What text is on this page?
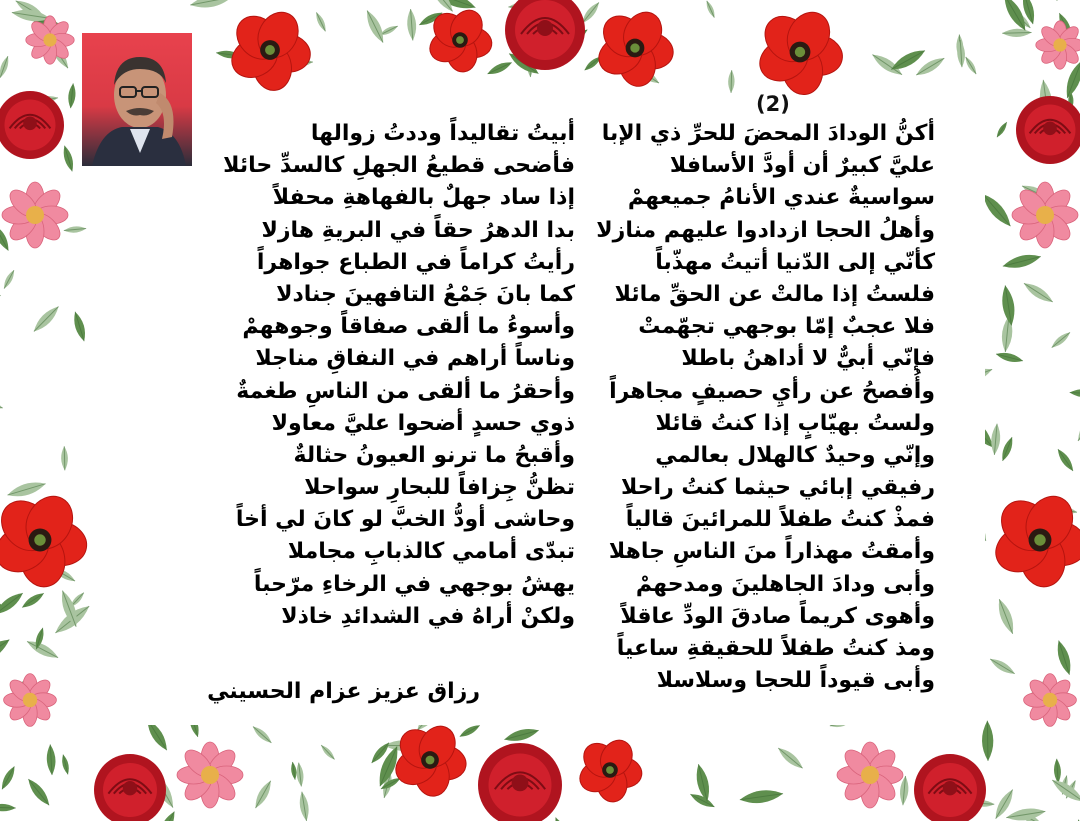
(2)
أكنُّ الودادَ المحضَ للحرِّ ذي الإبا
عليَّ كبيرٌ أن أودَّ الأسافلا
سواسيةٌ عندي الأنامُ جميعهمْ
وأهلُ الحجا ازدادوا عليهم منازلا
كأنّي إلى الدّنيا أتيتُ مهذّباً
فلستُ إذا مالتْ عن الحقِّ مائلا
فلا عجبٌ إمّا بوجهي تجهّمتْ
فإنّي أبيٌّ لا أداهنُ باطلا
وأُفصحُ عن رأيِ حصيفٍ مجاهراً
ولستُ بهيّابٍ إذا كنتُ قائلا
وإنّي وحيدٌ كالهلال بعالمي
رفيقي إبائي حيثما كنتُ راحلا
فمذْ كنتُ طفلاً للمرائينَ قالياً
وأمقتُ مهذاراً منَ الناسِ جاهلا
وأبى ودادَ الجاهلينَ ومدحهمْ
وأهوى كريماً صادقَ الودِّ عاقلاً
ومذ كنتُ طفلاً للحقيقةِ ساعياً
وأبى قيوداً للحجا وسلاسلا
أبيتُ تقاليداً وددتُ زوالها
فأضحى قطيعُ الجهلِ كالسدِّ حائلا
إذا ساد جهلٌ بالفهاهةِ محفلاً
بدا الدهرُ حقاً في البريةِ هازلا
رأيتُ كراماً في الطباع جواهراً
كما بانَ جَمْعُ التافهينَ جنادلا
وأسوءُ ما ألقى صفاقاً وجوههمْ
وناساً أراهم في النفاقِ مناجلا
وأحقرُ ما ألقى من الناسِ طغمةٌ
ذوي حسدٍ أضحوا عليَّ معاولا
وأقبحُ ما ترنو العيونُ حثالةٌ
تظنُّ جِزافاً للبحارِ سواحلا
وحاشى أودُّ الخبَّ لو كانَ لي أخاً
تبدّى أمامي كالذبابِ مجاملا
يهشُ بوجهي في الرخاءِ مرّحباً
ولكنْ أراهُ في الشدائدِ خاذلا
رزاق عزيز عزام الحسيني
